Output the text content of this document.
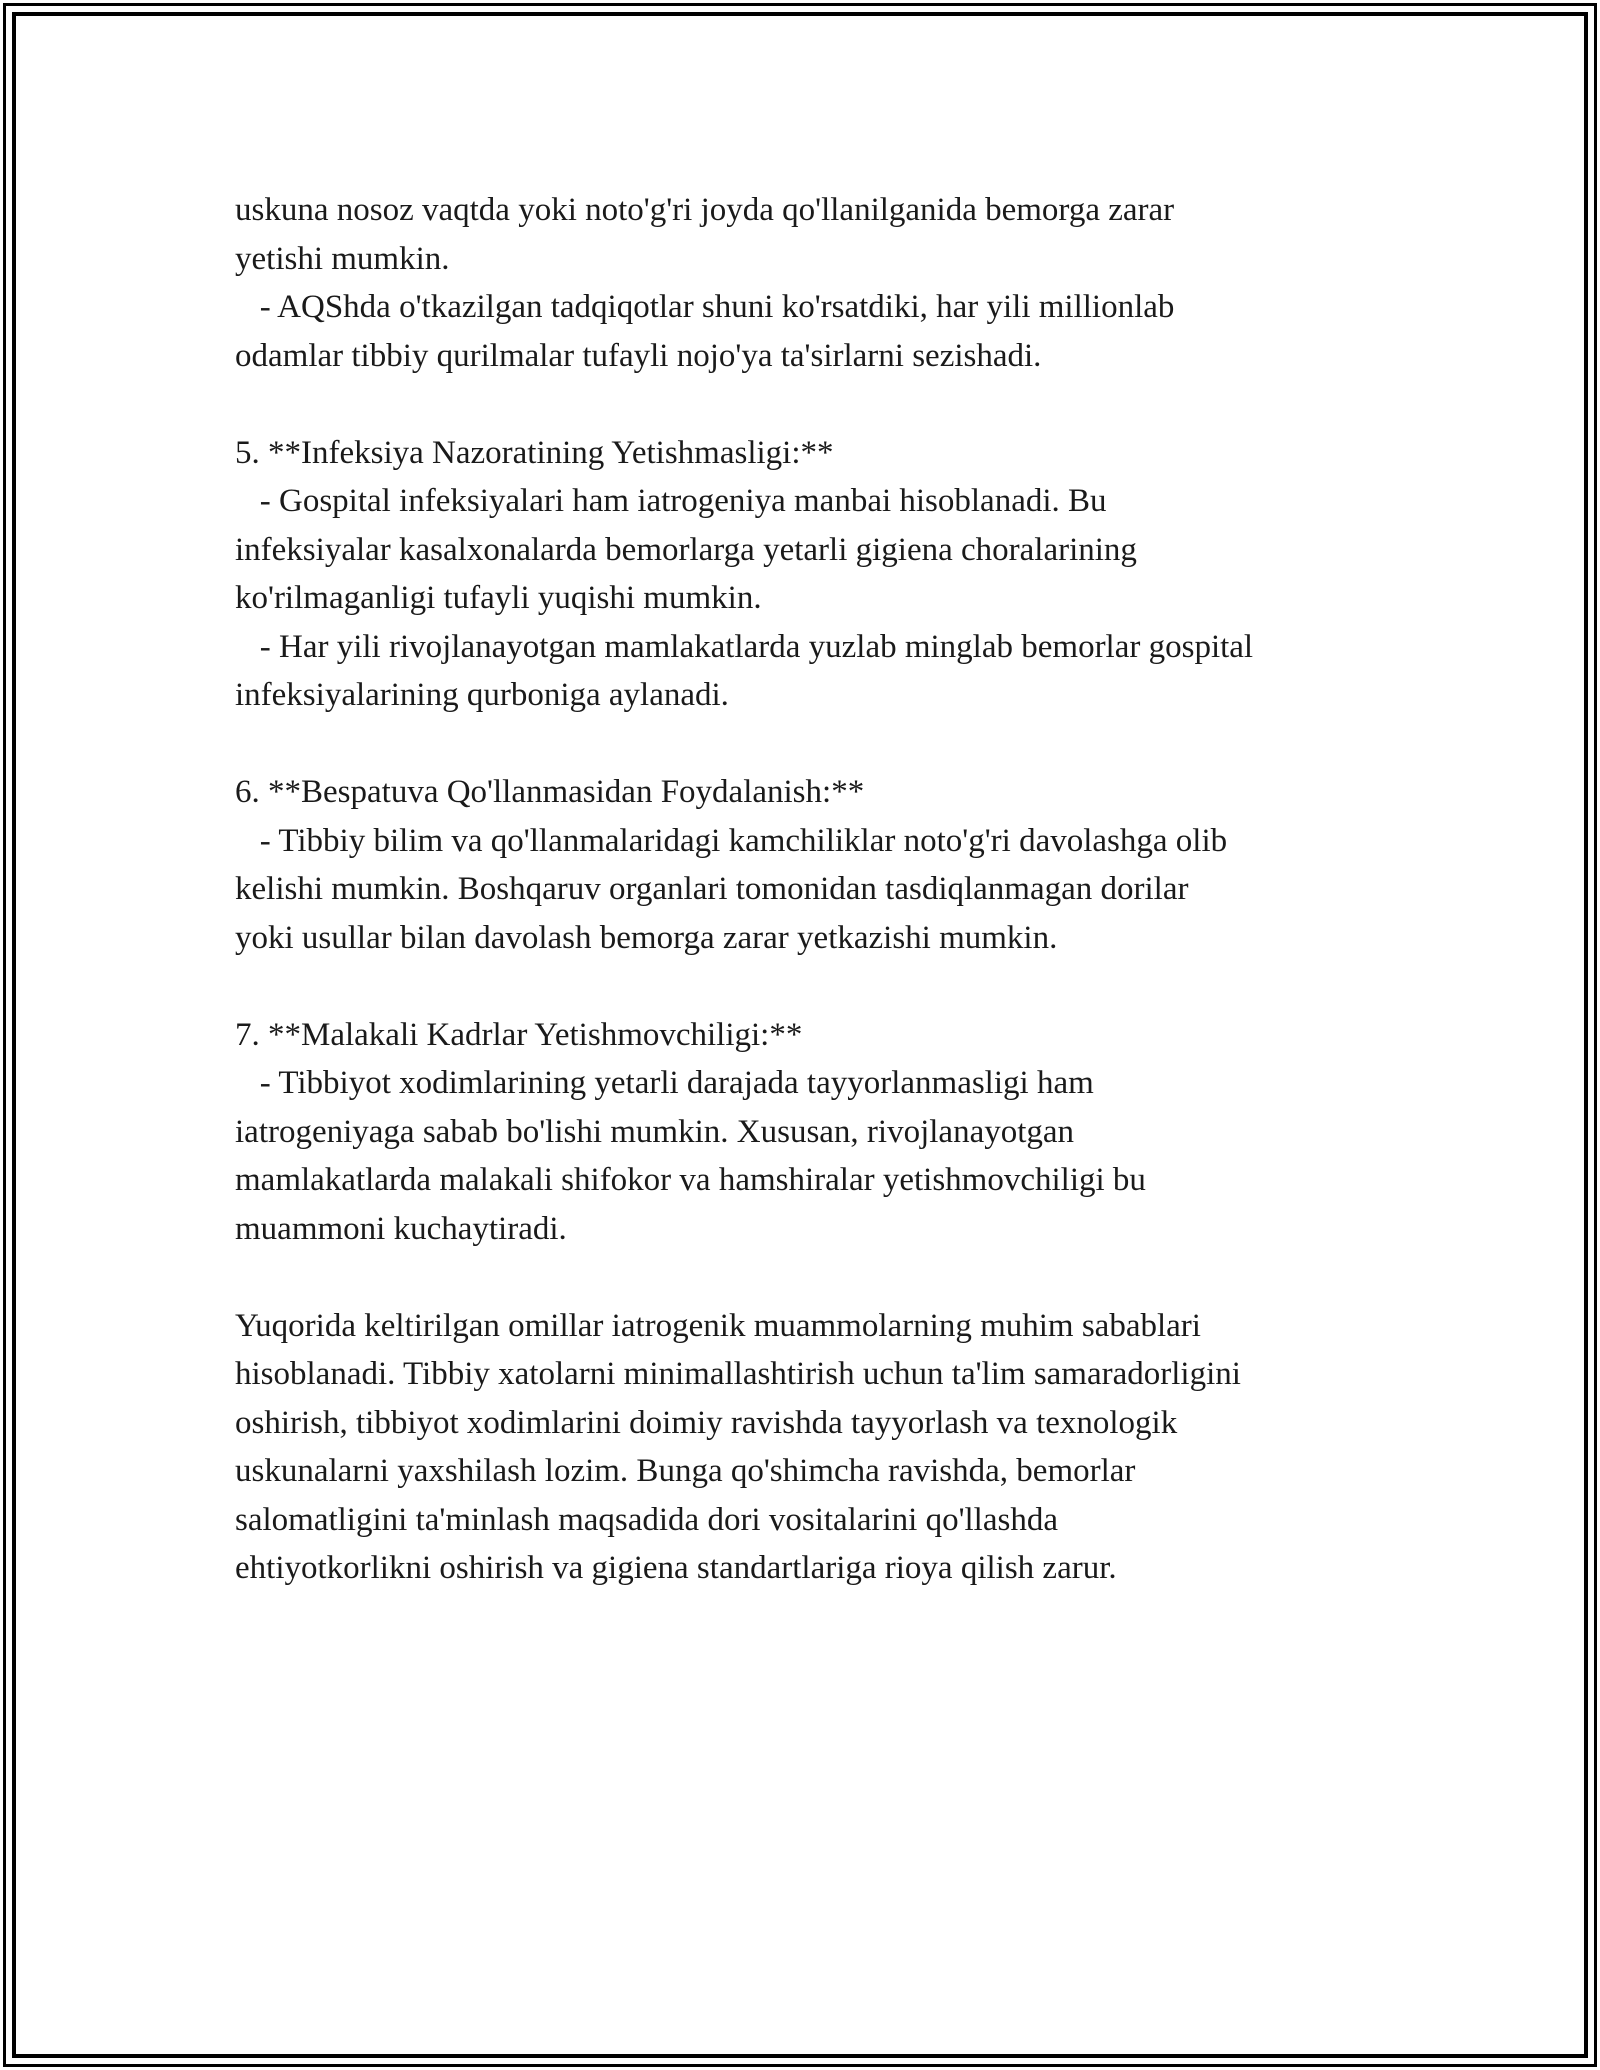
uskuna nosoz vaqtda yoki noto'g'ri joyda qo'llanilganida bemorga zarar
yetishi mumkin.
- AQShda o'tkazilgan tadqiqotlar shuni ko'rsatdiki, har yili millionlab
odamlar tibbiy qurilmalar tufayli nojo'ya ta'sirlarni sezishadi.
5. **Infeksiya Nazoratining Yetishmasligi:**
- Gospital infeksiyalari ham iatrogeniya manbai hisoblanadi. Bu
infeksiyalar kasalxonalarda bemorlarga yetarli gigiena choralarining
ko'rilmaganligi tufayli yuqishi mumkin.
- Har yili rivojlanayotgan mamlakatlarda yuzlab minglab bemorlar gospital
infeksiyalarining qurboniga aylanadi.
6. **Bespatuva Qo'llanmasidan Foydalanish:**
- Tibbiy bilim va qo'llanmalaridagi kamchiliklar noto'g'ri davolashga olib
kelishi mumkin. Boshqaruv organlari tomonidan tasdiqlanmagan dorilar
yoki usullar bilan davolash bemorga zarar yetkazishi mumkin.
7. **Malakali Kadrlar Yetishmovchiligi:**
- Tibbiyot xodimlarining yetarli darajada tayyorlanmasligi ham
iatrogeniyaga sabab bo'lishi mumkin. Xususan, rivojlanayotgan
mamlakatlarda malakali shifokor va hamshiralar yetishmovchiligi bu
muammoni kuchaytiradi.
Yuqorida keltirilgan omillar iatrogenik muammolarning muhim sabablari
hisoblanadi. Tibbiy xatolarni minimallashtirish uchun ta'lim samaradorligini
oshirish, tibbiyot xodimlarini doimiy ravishda tayyorlash va texnologik
uskunalarni yaxshilash lozim. Bunga qo'shimcha ravishda, bemorlar
salomatligini ta'minlash maqsadida dori vositalarini qo'llashda
ehtiyotkorlikni oshirish va gigiena standartlariga rioya qilish zarur.
